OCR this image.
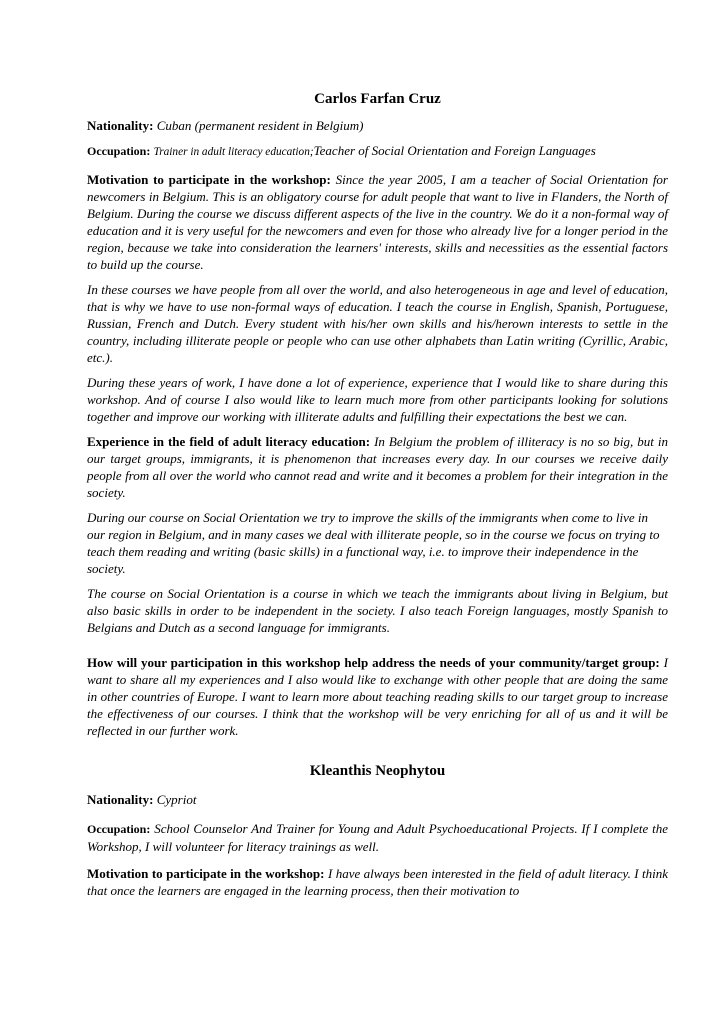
Carlos Farfan Cruz

Nationality: Cuban (permanent resident in Belgium)

Occupation: Trainer in adult literacy education;Teacher of Social Orientation and Foreign Languages

Motivation to participate in the workshop: Since the year 2005, I am a teacher of Social Orientation for newcomers in Belgium. This is an obligatory course for adult people that want to live in Flanders, the North of Belgium. During the course we discuss different aspects of the live in the country. We do it a non-formal way of education and it is very useful for the newcomers and even for those who already live for a longer period in the region, because we take into consideration the learners' interests, skills and necessities as the essential factors to build up the course.

In these courses we have people from all over the world, and also heterogeneous in age and level of education, that is why we have to use non-formal ways of education. I teach the course in English, Spanish, Portuguese, Russian, French and Dutch. Every student with his/her own skills and his/herown interests to settle in the country, including illiterate people or people who can use other alphabets than Latin writing (Cyrillic, Arabic, etc.).

During these years of work, I have done a lot of experience, experience that I would like to share during this workshop. And of course I also would like to learn much more from other participants looking for solutions together and improve our working with illiterate adults and fulfilling their expectations the best we can.

Experience in the field of adult literacy education: In Belgium the problem of illiteracy is no so big, but in our target groups, immigrants, it is phenomenon that increases every day. In our courses we receive daily people from all over the world who cannot read and write and it becomes a problem for their integration in the society.

During our course on Social Orientation we try to improve the skills of the immigrants when come to live in our region in Belgium, and in many cases we deal with illiterate people, so in the course we focus on trying to teach them reading and writing (basic skills) in a functional way, i.e. to improve their independence in the society.

The course on Social Orientation is a course in which we teach the immigrants about living in Belgium, but also basic skills in order to be independent in the society. I also teach Foreign languages, mostly Spanish to Belgians and Dutch as a second language for immigrants.

How will your participation in this workshop help address the needs of your community/target group: I want to share all my experiences and I also would like to exchange with other people that are doing the same in other countries of Europe. I want to learn more about teaching reading skills to our target group to increase the effectiveness of our courses. I think that the workshop will be very enriching for all of us and it will be reflected in our further work.

Kleanthis Neophytou

Nationality: Cypriot

Occupation: School Counselor And Trainer for Young and Adult Psychoeducational Projects. If I complete the Workshop, I will volunteer for literacy trainings as well.

Motivation to participate in the workshop: I have always been interested in the field of adult literacy. I think that once the learners are engaged in the learning process, then their motivation to
